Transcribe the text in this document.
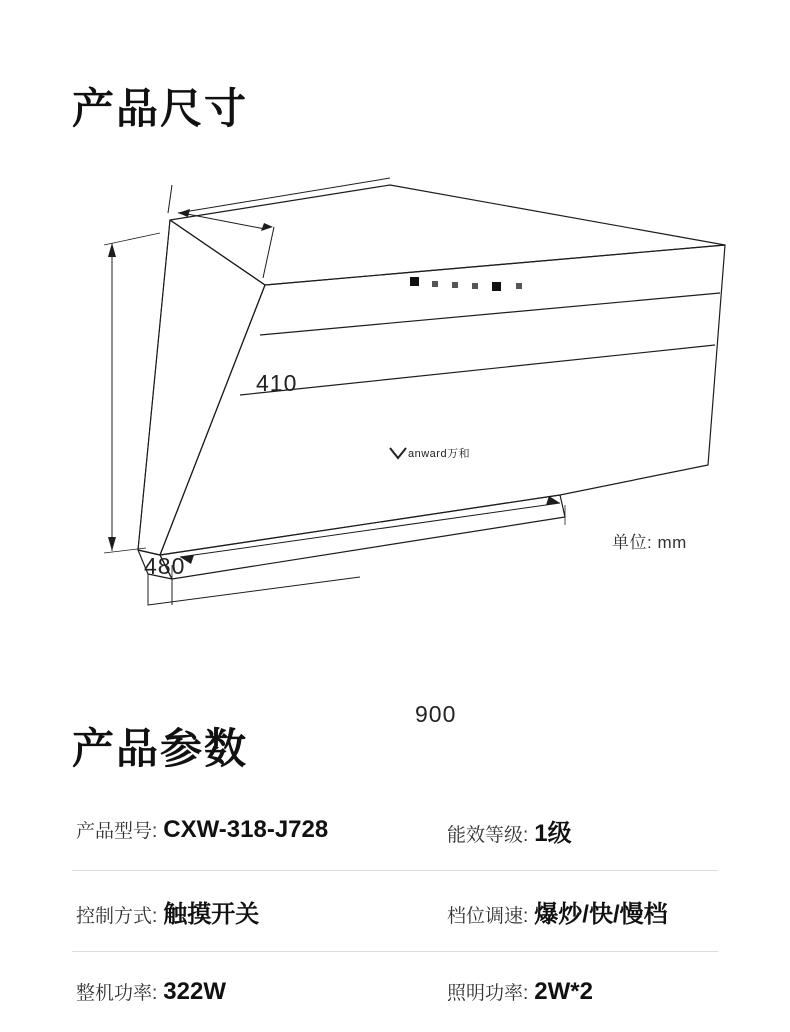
产品尺寸
anward万和
410
480
900
单位: mm
产品参数
产品型号: CXW-318-J728	能效等级: 1级
控制方式: 触摸开关	档位调速: 爆炒/快/慢档
整机功率: 322W	照明功率: 2W*2
